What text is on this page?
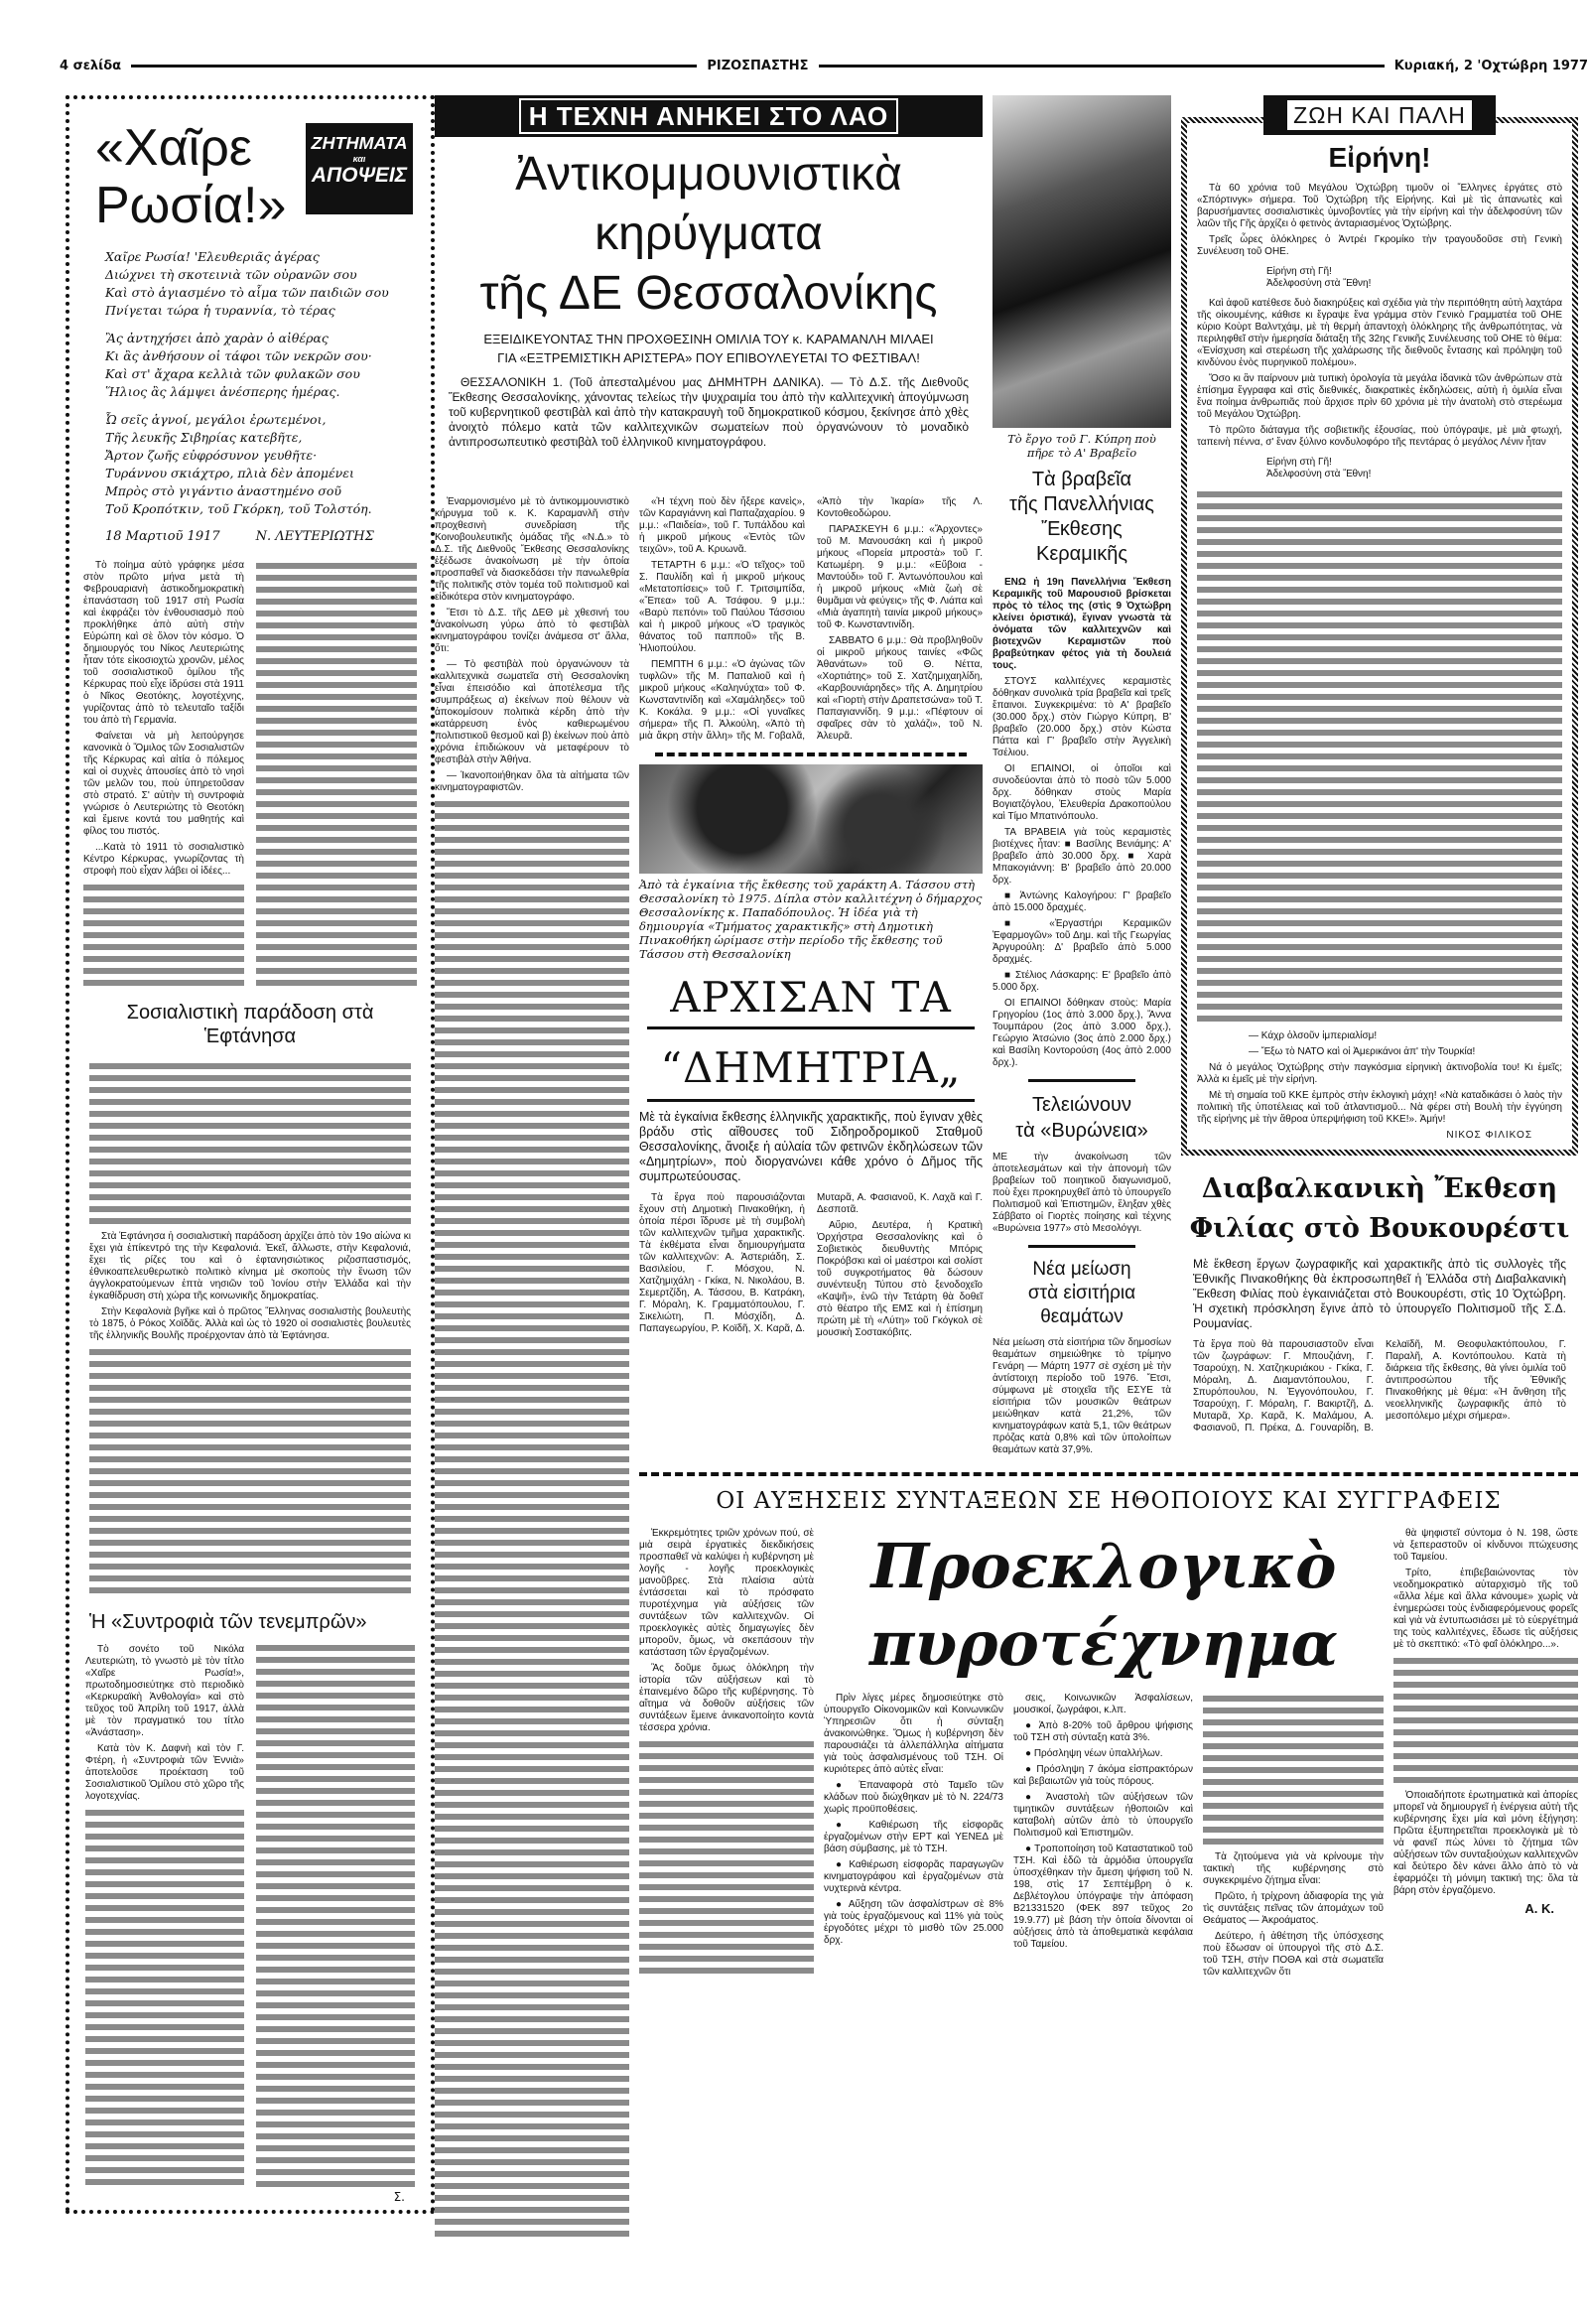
4 σελίδα	ΡΙΖΟΣΠΑΣΤΗΣ	Κυριακή, 2 'Οχτώβρη 1977
«Χαῖρε
Ρωσία!»
ΖΗΤΗΜΑΤΑ
και
ΑΠΟΨΕΙΣ
Χαῖρε Ρωσία! 'Ελευθεριᾶς ἀγέρας
Διώχνει τὴ σκοτεινιὰ τῶν οὐρανῶν σου
Καὶ στὸ ἁγιασμένο τὸ αἷμα τῶν παιδιῶν σου
Πνίγεται τώρα ἡ τυραννία, τὸ τέρας
Ἂς ἀντηχήσει ἀπὸ χαρὰν ὁ αἰθέρας
Κι ἂς ἀνθήσουν οἱ τάφοι τῶν νεκρῶν σου·
Καὶ στ' ἄχαρα κελλιὰ τῶν φυλακῶν σου
Ἥλιος ἂς λάμψει ἀνέσπερης ἡμέρας.
Ὦ σεῖς ἁγνοί, μεγάλοι ἐρωτεμένοι,
Τῆς λευκῆς Σιβηρίας κατεβῆτε,
Ἄρτον ζωῆς εὐφρόσυνον γευθῆτε·
Τυράννου σκιάχτρο, πλιὰ δὲν ἀπομένει
Μπρὸς στὸ γιγάντιο ἀναστημένο σοῦ
Τοῦ Κροπότκιν, τοῦ Γκόρκη, τοῦ Τολστόη.
18 Μαρτιοῦ 1917	Ν. ΛΕΥΤΕΡΙΩΤΗΣ

Τὸ ποίημα αὐτὸ γράφηκε μέσα στὸν πρῶτο μήνα μετὰ τὴ Φεβρουαριανὴ ἀστικοδημοκρατικὴ ἐπανάσταση τοῦ 1917 στὴ Ρωσία καὶ ἐκφράζει τὸν ἐνθουσιασμὸ ποὺ προκλήθηκε ἀπὸ αὐτὴ στὴν Εὐρώπη καὶ σὲ ὅλον τὸν κόσμο. Ὁ δημιουργός του Νίκος Λευτεριώτης ἦταν τότε εἰκοσιοχτὼ χρονῶν, μέλος τοῦ σοσιαλιστικοῦ ὁμίλου τῆς Κέρκυρας ποὺ εἶχε ἱδρύσει στὰ 1911 ὁ Νῖκος Θεοτόκης, λογοτέχνης, γυρίζοντας ἀπὸ τὸ τελευταῖο ταξίδι του ἀπὸ τὴ Γερμανία.

Φαίνεται νὰ μὴ λειτούργησε κανονικὰ ὁ Ὅμιλος τῶν Σοσιαλιστῶν τῆς Κέρκυρας καὶ αἰτία ὁ πόλεμος καὶ οἱ συχνὲς ἀπουσίες ἀπὸ τὸ νησὶ τῶν μελῶν του, ποὺ ὑπηρετοῦσαν στὸ στρατό. Σ' αὐτὴν τὴ συντροφιὰ γνώρισε ὁ Λευτεριώτης τὸ Θεοτόκη καὶ ἔμεινε κοντά του μαθητής καὶ φίλος του πιστός.

...Κατὰ τὸ 1911 τὸ σοσιαλιστικὸ Κέντρο Κέρκυρας, γνωρίζοντας τὴ στροφὴ ποὺ εἶχαν λάβει οἱ ἰδέες...

Σοσιαλιστικὴ παράδοση στὰ Ἑφτάνησα

Στὰ Ἑφτάνησα ἡ σοσιαλιστικὴ παράδοση ἀρχίζει ἀπὸ τὸν 19ο αἰώνα κι ἔχει γιὰ ἐπίκεντρό της τὴν Κεφαλονιά. Ἐκεῖ, ἄλλωστε, στὴν Κεφαλονιά, ἔχει τὶς ρίζες του καὶ ὁ ἑφτανησιώτικος ριζοσπαστισμός, ἐθνικοαπελευθερωτικὸ πολιτικὸ κίνημα μὲ σκοποὺς τὴν ἕνωση τῶν ἀγγλοκρατούμενων ἑπτὰ νησιῶν τοῦ Ἰονίου στὴν Ἑλλάδα καὶ τὴν ἐγκαθίδρυση στὴ χώρα τῆς κοινωνικῆς δημοκρατίας.

Στὴν Κεφαλονιὰ βγῆκε καὶ ὁ πρῶτος Ἕλληνας σοσιαλιστὴς βουλευτὴς τὸ 1875, ὁ Ρόκος Χοϊδᾶς. Ἀλλὰ καὶ ὡς τὸ 1920 οἱ σοσιαλιστὲς βουλευτὲς τῆς ἑλληνικῆς Βουλῆς προέρχονταν ἀπὸ τὰ Ἑφτάνησα.

Ἡ «Συντροφιὰ τῶν τενεμπρῶν»

Τὸ σονέτο τοῦ Νικόλα Λευτεριώτη, τὸ γνωστὸ μὲ τὸν τίτλο «Χαῖρε Ρωσία!», πρωτοδημοσιεύτηκε στὸ περιοδικὸ «Κερκυραϊκὴ Ἀνθολογία» καὶ στὸ τεῦχος τοῦ Ἀπρίλη τοῦ 1917, ἀλλὰ μὲ τὸν πραγματικό του τίτλο «Ἀνάσταση».

Κατὰ τὸν Κ. Δαφνὴ καὶ τὸν Γ. Φτέρη, ἡ «Συντροφιὰ τῶν Ἐννιὰ» ἀποτελοῦσε προέκταση τοῦ Σοσιαλιστικοῦ Ὁμίλου στὸ χῶρο τῆς λογοτεχνίας.

Σ.
Η ΤΕΧΝΗ ΑΝΗΚΕΙ ΣΤΟ ΛΑΟ
Ἀντικομμουνιστικὰ
κηρύγματα
τῆς ΔΕ Θεσσαλονίκης
ΕΞΕΙΔΙΚΕΥΟΝΤΑΣ ΤΗΝ ΠΡΟΧΘΕΣΙΝΗ ΟΜΙΛΙΑ ΤΟΥ κ. ΚΑΡΑΜΑΝΛΗ ΜΙΛΑΕΙ
ΓΙΑ «ΕΞΤΡΕΜΙΣΤΙΚΗ ΑΡΙΣΤΕΡΑ» ΠΟΥ ΕΠΙΒΟΥΛΕΥΕΤΑΙ ΤΟ ΦΕΣΤΙΒΑΛ!

ΘΕΣΣΑΛΟΝΙΚΗ 1. (Τοῦ ἀπεσταλμένου μας ΔΗΜΗΤΡΗ ΔΑΝΙΚΑ). — Τὸ Δ.Σ. τῆς Διεθνοῦς Ἔκθεσης Θεσσαλονίκης, χάνοντας τελείως τὴν ψυχραιμία του ἀπὸ τὴν καλλιτεχνικὴ ἀπογύμνωση τοῦ κυβερνητικοῦ φεστιβὰλ καὶ ἀπὸ τὴν κατακραυγὴ τοῦ δημοκρατικοῦ κόσμου, ξεκίνησε ἀπὸ χθὲς ἀνοιχτὸ πόλεμο κατὰ τῶν καλλιτεχνικῶν σωματείων ποὺ ὀργανώνουν τὸ μοναδικὸ ἀντιπροσωπευτικὸ φεστιβὰλ τοῦ ἑλληνικοῦ κινηματογράφου.

Ἐναρμονισμένο μὲ τὸ ἀντικομμουνιστικὸ κήρυγμα τοῦ κ. Κ. Καραμανλῆ στὴν προχθεσινὴ συνεδρίαση τῆς Κοινοβουλευτικῆς ὁμάδας τῆς «Ν.Δ.» τὸ Δ.Σ. τῆς Διεθνοῦς Ἔκθεσης Θεσσαλονίκης ἐξέδωσε ἀνακοίνωση μὲ τὴν ὁποία προσπαθεῖ νὰ διασκεδάσει τὴν πανωλεθρία τῆς πολιτικῆς στὸν τομέα τοῦ πολιτισμοῦ καὶ εἰδικότερα στὸν κινηματογράφο.

Ἔτσι τὸ Δ.Σ. τῆς ΔΕΘ μὲ χθεσινή του ἀνακοίνωση γύρω ἀπὸ τὸ φεστιβὰλ κινηματογράφου τονίζει ἀνάμεσα στ' ἄλλα, ὅτι:

— Τὸ φεστιβὰλ ποὺ ὀργανώνουν τὰ καλλιτεχνικὰ σωματεῖα στὴ Θεσσαλονίκη εἶναι ἐπεισόδιο καὶ ἀποτέλεσμα τῆς συμπράξεως α) ἐκείνων ποὺ θέλουν νὰ ἀποκομίσουν πολιτικὰ κέρδη ἀπὸ τὴν κατάρρευση ἑνὸς καθιερωμένου πολιτιστικοῦ θεσμοῦ καὶ β) ἐκείνων ποὺ ἀπὸ χρόνια ἐπιδιώκουν νὰ μεταφέρουν τὸ φεστιβὰλ στὴν Ἀθήνα.

— Ἱκανοποιήθηκαν ὅλα τὰ αἰτήματα τῶν κινηματογραφιστῶν.

«Ἡ τέχνη ποὺ δὲν ἤξερε κανεὶς», τῶν Καραγιάννη καὶ Παπαζαχαρίου. 9 μ.μ.: «Παιδεία», τοῦ Γ. Τυπάλδου καὶ ἡ μικροῦ μήκους «Ἐντὸς τῶν τειχῶν», τοῦ Α. Κρυωνᾶ.

ΤΕΤΑΡΤΗ 6 μ.μ.: «Ὁ τεῖχος» τοῦ Σ. Παυλίδη καὶ ἡ μικροῦ μήκους «Μετατοπίσεις» τοῦ Γ. Τριτσιμπίδα, «Ἔπεα» τοῦ Α. Τσάφου. 9 μ.μ.: «Βαρὺ πεπόνι» τοῦ Παύλου Τάσσιου καὶ ἡ μικροῦ μήκους «Ὁ τραγικὸς θάνατος τοῦ παπποῦ» τῆς Β. Ἠλιοπούλου.

ΠΕΜΠΤΗ 6 μ.μ.: «Ὁ ἀγώνας τῶν τυφλῶν» τῆς Μ. Παπαλιοῦ καὶ ἡ μικροῦ μήκους «Καληνύχτα» τοῦ Φ. Κωνσταντινίδη καὶ «Χαμάληδες» τοῦ Κ. Κοκάλα. 9 μ.μ.: «Οἱ γυναῖκες σήμερα» τῆς Π. Ἀλκούλη, «Ἀπὸ τὴ μιὰ ἄκρη στὴν ἄλλη» τῆς Μ. Γοβαλᾶ, «Ἀπὸ τὴν Ἰκαρία» τῆς Λ. Κοντοθεοδώρου.

ΠΑΡΑΣΚΕΥΗ 6 μ.μ.: «Ἄρχοντες» τοῦ Μ. Μανουσάκη καὶ ἡ μικροῦ μήκους «Πορεία μπροστὰ» τοῦ Γ. Κατωμέρη. 9 μ.μ.: «Εὔβοια - Μαντούδι» τοῦ Γ. Ἀντωνόπουλου καὶ ἡ μικροῦ μήκους «Μιὰ ζωὴ σὲ θυμᾶμαι νὰ φεύγεις» τῆς Φ. Λιάπα καὶ «Μιὰ ἀγαπητὴ ταινία μικροῦ μήκους» τοῦ Φ. Κωνσταντινίδη.

ΣΑΒΒΑΤΟ 6 μ.μ.: Θὰ προβληθοῦν οἱ μικροῦ μήκους ταινίες «Φῶς Ἀθανάτων» τοῦ Θ. Νέττα, «Χορτιάτης» τοῦ Σ. Χατζημιχαηλίδη, «Καρβουνιάρηδες» τῆς Α. Δημητρίου καὶ «Γιορτὴ στὴν Δραπετσώνα» τοῦ Τ. Παπαγιαννίδη. 9 μ.μ.: «Πέφτουν οἱ σφαῖρες σὰν τὸ χαλάζι», τοῦ Ν. Ἀλευρᾶ.

Ἀπὸ τὰ ἐγκαίνια τῆς ἔκθεσης τοῦ χαράκτη Α. Τάσσου στὴ Θεσσαλονίκη τὸ 1975. Δίπλα στὸν καλλιτέχνη ὁ δήμαρχος Θεσσαλονίκης κ. Παπαδόπουλος. Ἡ ἰδέα γιὰ τὴ δημιουργία «Τμήματος χαρακτικῆς» στὴ Δημοτικὴ Πινακοθήκη ὡρίμασε στὴν περίοδο τῆς ἔκθεσης τοῦ Τάσσου στὴ Θεσσαλονίκη
ΑΡΧΙΣΑΝ ΤΑ
“ΔΗΜΗΤΡΙΑ„
Μὲ τὰ ἐγκαίνια ἔκθεσης ἑλληνικῆς χαρακτικῆς, ποὺ ἔγιναν χθὲς βράδυ στὶς αἴθουσες τοῦ Σιδηροδρομικοῦ Σταθμοῦ Θεσσαλονίκης, ἄνοιξε ἡ αὐλαία τῶν φετινῶν ἐκδηλώσεων τῶν «Δημητρίων», ποὺ διοργανώνει κάθε χρόνο ὁ Δῆμος τῆς συμπρωτεύουσας.

Τὰ ἔργα ποὺ παρουσιάζονται ἔχουν στὴ Δημοτικὴ Πινακοθήκη, ἡ ὁποία πέρσι ἵδρυσε μὲ τὴ συμβολὴ τῶν καλλιτεχνῶν τμῆμα χαρακτικῆς. Τὰ ἐκθέματα εἶναι δημιουργήματα τῶν καλλιτεχνῶν: Α. Ἀστεριάδη, Σ. Βασιλείου, Γ. Μόσχου, Ν. Χατζημιχάλη - Γκίκα, Ν. Νικολάου, Β. Σεμερτζίδη, Α. Τάσσου, Β. Κατράκη, Γ. Μόραλη, Κ. Γραμματόπουλου, Γ. Σικελιώτη, Π. Μόσχίδη, Δ. Παπαγεωργίου, Ρ. Κοϊδῆ, Χ. Καρᾶ, Δ. Μυταρᾶ, Α. Φασιανοῦ, Κ. Λαχᾶ καὶ Γ. Δεσποτᾶ.

Αὔριο, Δευτέρα, ἡ Κρατικὴ Ὀρχήστρα Θεσσαλονίκης καὶ ὁ Σοβιετικὸς διευθυντὴς Μπόρις Ποκρόβσκι καὶ οἱ μαέστροι καὶ σολίστ τοῦ συγκροτήματος θὰ δώσουν συνέντευξη Τύπου στὸ ξενοδοχεῖο «Καψῆ», ἐνῶ τὴν Τετάρτη θὰ δοθεῖ στὸ θέατρο τῆς ΕΜΣ καὶ ἡ ἐπίσημη πρώτη μὲ τὴ «Λύτη» τοῦ Γκόγκολ σὲ μουσικὴ Σοστακόβιτς.

Τὸ ἔργο τοῦ Γ. Κύπρη ποὺ πῆρε τὸ Α' Βραβεῖο
Τὰ βραβεῖα
τῆς Πανελλήνιας
Ἔκθεσης
Κεραμικῆς

ΕΝΩ ἡ 19η Πανελλήνια Ἔκθεση Κεραμικῆς τοῦ Μαρουσιοῦ βρίσκεται πρὸς τὸ τέλος της (στὶς 9 Ὀχτώβρη κλείνει ὁριστικά), ἔγιναν γνωστὰ τὰ ὀνόματα τῶν καλλιτεχνῶν καὶ βιοτεχνῶν Κεραμιστῶν ποὺ βραβεύτηκαν φέτος γιὰ τὴ δουλειά τους.

ΣΤΟΥΣ καλλιτέχνες κεραμιστὲς δόθηκαν συνολικὰ τρία βραβεῖα καὶ τρεῖς ἔπαινοι. Συγκεκριμένα: τὸ Α' βραβεῖο (30.000 δρχ.) στὸν Γιώργο Κύπρη, Β' βραβεῖο (20.000 δρχ.) στὸν Κώστα Πάττα καὶ Γ' βραβεῖο στὴν Ἀγγελικὴ Τσέλιου.

ΟΙ ΕΠΑΙΝΟΙ, οἱ ὁποῖοι καὶ συνοδεύονται ἀπὸ τὸ ποσὸ τῶν 5.000 δρχ. δόθηκαν στοὺς Μαρία Βογιατζόγλου, Ἐλευθερία Δρακοπούλου καὶ Τίμο Μπατινόπουλο.

ΤΑ ΒΡΑΒΕΙΑ γιὰ τοὺς κεραμιστὲς βιοτέχνες ἦταν: ■ Βασίλης Βενιάμης: Α' βραβεῖο ἀπὸ 30.000 δρχ. ■ Χαρὰ Μπακογιάννη: Β' βραβεῖο ἀπὸ 20.000 δρχ.

■ Ἀντώνης Καλογήρου: Γ' βραβεῖο ἀπὸ 15.000 δραχμές.

■ «Ἐργαστήρι Κεραμικῶν Ἐφαρμογῶν» τοῦ Δημ. καὶ τῆς Γεωργίας Ἀργυρούλη: Δ' βραβεῖο ἀπὸ 5.000 δραχμές.

■ Στέλιος Λάσκαρης: Ε' βραβεῖο ἀπὸ 5.000 δρχ.

ΟΙ ΕΠΑΙΝΟΙ δόθηκαν στοὺς: Μαρία Γρηγορίου (1ος ἀπὸ 3.000 δρχ.), Ἄννα Τουμπάρου (2ος ἀπὸ 3.000 δρχ.), Γεώργιο Ἀτσώνιο (3ος ἀπὸ 2.000 δρχ.) καὶ Βασίλη Κοντορούση (4ος ἀπὸ 2.000 δρχ.).

Τελειώνουν
τὰ «Βυρώνεια»
ΜΕ τὴν ἀνακοίνωση τῶν ἀποτελεσμάτων καὶ τὴν ἀπονομὴ τῶν βραβείων τοῦ ποιητικοῦ διαγωνισμοῦ, ποὺ ἔχει προκηρυχθεῖ ἀπὸ τὸ ὑπουργεῖο Πολιτισμοῦ καὶ Ἐπιστημῶν, ἔληξαν χθὲς Σάββατο οἱ Γιορτὲς ποίησης καὶ τέχνης «Βυρώνεια 1977» στὸ Μεσολόγγι.
Νέα μείωση
στὰ εἰσιτήρια
θεαμάτων
Νέα μείωση στὰ εἰσιτήρια τῶν δημοσίων θεαμάτων σημειώθηκε τὸ τρίμηνο Γενάρη — Μάρτη 1977 σὲ σχέση μὲ τὴν ἀντίστοιχη περίοδο τοῦ 1976. Ἔτσι, σύμφωνα μὲ στοιχεῖα τῆς ΕΣΥΕ τὰ εἰσιτήρια τῶν μουσικῶν θεάτρων μειώθηκαν κατὰ 21,2%, τῶν κινηματογράφων κατὰ 5,1, τῶν θεάτρων πρόζας κατὰ 0,8% καὶ τῶν ὑπολοίπων θεαμάτων κατὰ 37,9%.
ΖΩΗ ΚΑΙ ΠΑΛΗ
Εἰρήνη!

Τὰ 60 χρόνια τοῦ Μεγάλου Ὀχτώβρη τιμοῦν οἱ Ἕλληνες ἐργάτες στὸ «Σπόρτινγκ» σήμερα. Τοῦ Ὀχτώβρη τῆς Εἰρήνης. Καὶ μὲ τὶς ἀπανωτὲς καὶ βαρυσήμαντες σοσιαλιστικὲς ὑμνοβοντίες γιὰ τὴν εἰρήνη καὶ τὴν ἀδελφοσύνη τῶν λαῶν τῆς Γῆς ἀρχίζει ὁ φετινὸς ἀνταριασμένος Ὀχτώβρης.

Τρεῖς ὧρες ὁλόκληρες ὁ Ἀντρέι Γκρομίκο τὴν τραγουδοῦσε στὴ Γενικὴ Συνέλευση τοῦ ΟΗΕ.

Εἰρήνη στὴ Γῆ!
Ἀδελφοσύνη στὰ Ἔθνη!

Καὶ ἀφοῦ κατέθεσε δυὸ διακηρύξεις καὶ σχέδια γιὰ τὴν περιπόθητη αὐτὴ λαχτάρα τῆς οἰκουμένης, κάθισε κι ἔγραψε ἕνα γράμμα στὸν Γενικὸ Γραμματέα τοῦ ΟΗΕ κύριο Κοὺρτ Βαλντχάιμ, μὲ τὴ θερμὴ ἀπαντοχὴ ὁλόκληρης τῆς ἀνθρωπότητας, νὰ περιληφθεῖ στὴν ἡμερησία διάταξη τῆς 32ης Γενικῆς Συνέλευσης τοῦ ΟΗΕ τὸ θέμα: «Ἐνίσχυση καὶ στερέωση τῆς χαλάρωσης τῆς διεθνοῦς ἔντασης καὶ πρόληψη τοῦ κινδύνου ἑνὸς πυρηνικοῦ πολέμου».

Ὅσο κι ἂν παίρνουν μιὰ τυπικὴ ὁρολογία τὰ μεγάλα ἰδανικὰ τῶν ἀνθρώπων στὰ ἐπίσημα ἔγγραφα καὶ στὶς διεθνικές, διακρατικὲς ἐκδηλώσεις, αὐτὴ ἡ ὁμιλία εἶναι ἕνα ποίημα ἀνθρωπιᾶς ποὺ ἄρχισε πρὶν 60 χρόνια μὲ τὴν ἀνατολὴ στὸ στερέωμα τοῦ Μεγάλου Ὀχτώβρη.

Τὸ πρῶτο διάταγμα τῆς σοβιετικῆς ἐξουσίας, ποὺ ὑπόγραψε, μὲ μιὰ φτωχή, ταπεινὴ πέννα, σ' ἕναν ξύλινο κονδυλοφόρο τῆς πεντάρας ὁ μεγάλος Λένιν ἦταν

Εἰρήνη στὴ Γῆ!
Ἀδελφοσύνη στὰ Ἔθνη!

— Κάχρ ὀλσοῦν ἰμπεριαλίσμ!

— Ἔξω τὸ ΝΑΤΟ καὶ οἱ Ἀμερικάνοι ἀπ' τὴν Τουρκία!

Νά ὁ μεγάλος Ὀχτώβρης στὴν παγκόσμια εἰρηνικὴ ἀκτινοβολία του! Κι ἐμεῖς; Ἀλλὰ κι ἐμεῖς μὲ τὴν εἰρήνη.

Μὲ τὴ σημαία τοῦ ΚΚΕ ἐμπρὸς στὴν ἐκλογικὴ μάχη! «Νὰ καταδικάσει ὁ λαὸς τὴν πολιτικὴ τῆς ὑποτέλειας καὶ τοῦ ἀτλαντισμοῦ... Νὰ φέρει στὴ Βουλὴ τὴν ἐγγύηση τῆς εἰρήνης μὲ τὴν ἄθροα ὑπερψήφιση τοῦ ΚΚΕ!». Ἀμήν!

ΝΙΚΟΣ ΦΙΛΙΚΟΣ
Διαβαλκανικὴ Ἔκθεση
Φιλίας στὸ Βουκουρέστι
Μὲ ἔκθεση ἔργων ζωγραφικῆς καὶ χαρακτικῆς ἀπὸ τὶς συλλογὲς τῆς Ἐθνικῆς Πινακοθήκης θὰ ἐκπροσωπηθεῖ ἡ Ἑλλάδα στὴ Διαβαλκανικὴ Ἔκθεση Φιλίας ποὺ ἐγκαινιάζεται στὸ Βουκουρέστι, στὶς 10 Ὀχτώβρη. Ἡ σχετικὴ πρόσκληση ἔγινε ἀπὸ τὸ ὑπουργεῖο Πολιτισμοῦ τῆς Σ.Δ. Ρουμανίας.
Τὰ ἔργα ποὺ θὰ παρουσιαστοῦν εἶναι τῶν ζωγράφων: Γ. Μπουζιάνη, Γ. Τσαρούχη, Ν. Χατζηκυριάκου - Γκίκα, Γ. Μόραλη, Δ. Διαμαντόπουλου, Γ. Σπυρόπουλου, Ν. Ἐγγονόπουλου, Γ. Τσαρούχη, Γ. Μόραλη, Γ. Βακιρτζῆ, Δ. Μυταρᾶ, Χρ. Καρᾶ, Κ. Μαλάμου, Α. Φασιανοῦ, Π. Πρέκα, Δ. Γουναρίδη, Β. Κελαϊδῆ, Μ. Θεοφυλακτόπουλου, Γ. Παραλῆ, Α. Κοντόπουλου. Κατὰ τὴ διάρκεια τῆς ἔκθεσης, θὰ γίνει ὁμιλία τοῦ ἀντιπροσώπου τῆς Ἐθνικῆς Πινακοθήκης μὲ θέμα: «Ἡ ἄνθηση τῆς νεοελληνικῆς ζωγραφικῆς ἀπὸ τὸ μεσοπόλεμο μέχρι σήμερα».
ΟΙ ΑΥΞΗΣΕΙΣ ΣΥΝΤΑΞΕΩΝ ΣΕ ΗΘΟΠΟΙΟΥΣ ΚΑΙ ΣΥΓΓΡΑΦΕΙΣ

Ἐκκρεμότητες τριῶν χρόνων πού, σὲ μιὰ σειρὰ ἐργατικὲς διεκδικήσεις προσπαθεῖ νὰ καλύψει ἡ κυβέρνηση μὲ λογῆς - λογῆς προεκλογικὲς μανοῦβρες. Στὰ πλαίσια αὐτὰ ἐντάσσεται καὶ τὸ πρόσφατο πυροτέχνημα γιὰ αὐξήσεις τῶν συντάξεων τῶν καλλιτεχνῶν. Οἱ προεκλογικὲς αὐτὲς δημαγωγίες δὲν μποροῦν, ὅμως, νὰ σκεπάσουν τὴν κατάσταση τῶν ἐργαζομένων.

Ἂς δοῦμε ὅμως ὁλόκληρη τὴν ἱστορία τῶν αὐξήσεων καὶ τὸ ἐπαινεμένο δῶρο τῆς κυβέρνησης. Τὸ αἴτημα νὰ δοθοῦν αὐξήσεις τῶν συντάξεων ἔμεινε ἀνικανοποίητο κοντὰ τέσσερα χρόνια.

Προεκλογικὸ
πυροτέχνημα

Πρὶν λίγες μέρες δημοσιεύτηκε στὸ ὑπουργεῖο Οἰκονομικῶν καὶ Κοινωνικῶν Ὑπηρεσιῶν ὅτι ἡ σύνταξη ἀνακοινώθηκε. Ὅμως ἡ κυβέρνηση δὲν παρουσιάζει τὰ ἀλλεπάλληλα αἰτήματα γιὰ τοὺς ἀσφαλισμένους τοῦ ΤΣΗ. Οἱ κυριότερες ἀπὸ αὐτὲς εἶναι:

● Ἐπαναφορὰ στὸ Ταμεῖο τῶν κλάδων ποὺ διώχθηκαν μὲ τὸ Ν. 224/73 χωρὶς προϋποθέσεις.

● Καθιέρωση τῆς εἰσφορᾶς ἐργαζομένων στὴν ΕΡΤ καὶ ΥΕΝΕΔ μὲ βάση σύμβασης, μὲ τὸ ΤΣΗ.

● Καθιέρωση εἰσφορᾶς παραγωγῶν κινηματογράφου καὶ ἐργαζομένων στὰ νυχτερινὰ κέντρα.

● Αὔξηση τῶν ἀσφαλίστρων σὲ 8% γιὰ τοὺς ἐργαζόμενους καὶ 11% γιὰ τοὺς ἐργοδότες μέχρι τὸ μισθὸ τῶν 25.000 δρχ.

σεις, Κοινωνικῶν Ἀσφαλίσεων, μουσικοί, ζωγράφοι, κ.λπ.

● Ἀπὸ 8-20% τοῦ ἄρθρου ψήφισης τοῦ ΤΣΗ στὴ σύνταξη κατὰ 3%.

● Πρόσληψη νέων ὑπαλλήλων.

● Πρόσληψη 7 ἀκόμα εἰσπρακτόρων καὶ βεβαιωτῶν γιὰ τοὺς πόρους.

● Ἀναστολὴ τῶν αὐξήσεων τῶν τιμητικῶν συντάξεων ἠθοποιῶν καὶ καταβολὴ αὐτῶν ἀπὸ τὸ ὑπουργεῖο Πολιτισμοῦ καὶ Ἐπιστημῶν.

● Τροποποίηση τοῦ Καταστατικοῦ τοῦ ΤΣΗ. Καὶ ἐδῶ τὰ ἁρμόδια ὑπουργεῖα ὑποσχέθηκαν τὴν ἄμεση ψήφιση τοῦ Ν. 198, στὶς 17 Σεπτέμβρη ὁ κ. Δεβλέτογλου ὑπόγραψε τὴν ἀπόφαση Β21331520 (ΦΕΚ 897 τεῦχος 2ο 19.9.77) μὲ βάση τὴν ὁποία δίνονται οἱ αὐξήσεις ἀπὸ τὰ ἀποθεματικὰ κεφάλαια τοῦ Ταμείου.

Τὰ ζητούμενα γιὰ νὰ κρίνουμε τὴν τακτικὴ τῆς κυβέρνησης στὸ συγκεκριμένο ζήτημα εἶναι:

Πρῶτο, ἡ τρίχρονη ἀδιαφορία της γιὰ τὶς συντάξεις πεῖνας τῶν ἀπομάχων τοῦ Θεάματος — Ἀκροάματος.

Δεύτερο, ἡ ἀθέτηση τῆς ὑπόσχεσης ποὺ ἔδωσαν οἱ ὑπουργοὶ τῆς στὸ Δ.Σ. τοῦ ΤΣΗ, στὴν ΠΟΘΑ καὶ στὰ σωματεῖα τῶν καλλιτεχνῶν ὅτι

θὰ ψηφιστεῖ σύντομα ὁ Ν. 198, ὥστε νὰ ξεπεραστοῦν οἱ κίνδυνοι πτώχευσης τοῦ Ταμείου.

Τρίτο, ἐπιβεβαιώνοντας τὸν νεοδημοκρατικὸ αὐταρχισμὸ τῆς τοῦ «ἄλλα λέμε καὶ ἄλλα κάνουμε» χωρὶς νὰ ἐνημερώσει τοὺς ἐνδιαφερόμενους φορεῖς καὶ γιὰ νὰ ἐντυπωσιάσει μὲ τὸ εὐεργέτημά της τοὺς καλλιτέχνες, ἔδωσε τὶς αὐξήσεις μὲ τὸ σκεπτικό: «Τὸ φαΐ ὁλόκληρο...».

Ὁποιαδήποτε ἐρωτηματικὰ καὶ ἀπορίες μπορεῖ νὰ δημιουργεῖ ἡ ἐνέργεια αὐτὴ τῆς κυβέρνησης ἔχει μία καὶ μόνη ἐξήγηση: Πρῶτα ἐξυπηρετεῖται προεκλογικὰ μὲ τὸ νὰ φανεῖ πὼς λύνει τὸ ζήτημα τῶν αὐξήσεων τῶν συνταξιούχων καλλιτεχνῶν καὶ δεύτερο δὲν κάνει ἄλλο ἀπὸ τὸ νὰ ἐφαρμόζει τὴ μόνιμη τακτική της: ὅλα τὰ βάρη στὸν ἐργαζόμενο.

Α. Κ.
